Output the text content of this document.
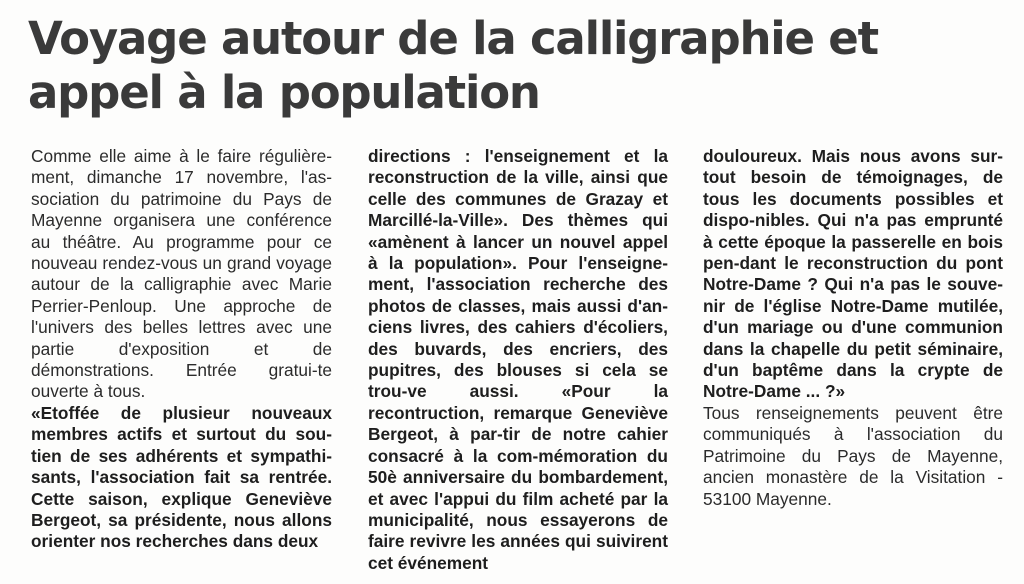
Voyage autour de la calligraphie et appel à la population

Comme elle aime à le faire régulière-ment, dimanche 17 novembre, l'as-sociation du patrimoine du Pays de Mayenne organisera une conférence au théâtre. Au programme pour ce nouveau rendez-vous un grand voyage autour de la calligraphie avec Marie Perrier-Penloup. Une approche de l'univers des belles lettres avec une partie d'exposition et de démonstrations. Entrée gratui-te ouverte à tous.

«Etoffée de plusieur nouveaux membres actifs et surtout du sou-tien de ses adhérents et sympathi-sants, l'association fait sa rentrée. Cette saison, explique Geneviève Bergeot, sa présidente, nous allons orienter nos recherches dans deux

directions : l'enseignement et la reconstruction de la ville, ainsi que celle des communes de Grazay et Marcillé-la-Ville». Des thèmes qui «amènent à lancer un nouvel appel à la population». Pour l'enseigne-ment, l'association recherche des photos de classes, mais aussi d'an-ciens livres, des cahiers d'écoliers, des buvards, des encriers, des pupitres, des blouses si cela se trou-ve aussi. «Pour la recontruction, remarque Geneviève Bergeot, à par-tir de notre cahier consacré à la com-mémoration du 50è anniversaire du bombardement, et avec l'appui du film acheté par la municipalité, nous essayerons de faire revivre les années qui suivirent cet événement

douloureux. Mais nous avons sur-tout besoin de témoignages, de tous les documents possibles et dispo-nibles. Qui n'a pas emprunté à cette époque la passerelle en bois pen-dant le reconstruction du pont Notre-Dame ? Qui n'a pas le souve-nir de l'église Notre-Dame mutilée, d'un mariage ou d'une communion dans la chapelle du petit séminaire, d'un baptême dans la crypte de Notre-Dame ... ?»

Tous renseignements peuvent être communiqués à l'association du Patrimoine du Pays de Mayenne, ancien monastère de la Visitation - 53100 Mayenne.
